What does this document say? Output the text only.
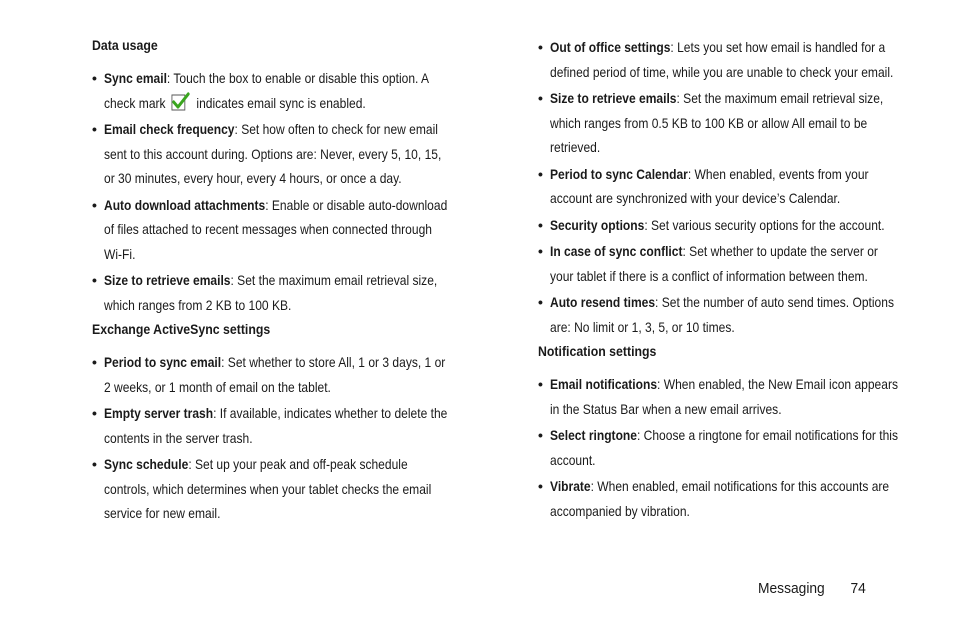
Data usage
• Sync email: Touch the box to enable or disable this option. A check mark indicates email sync is enabled.
• Email check frequency: Set how often to check for new email sent to this account during. Options are: Never, every 5, 10, 15, or 30 minutes, every hour, every 4 hours, or once a day.
• Auto download attachments: Enable or disable auto-download of files attached to recent messages when connected through Wi-Fi.
• Size to retrieve emails: Set the maximum email retrieval size, which ranges from 2 KB to 100 KB.
Exchange ActiveSync settings
• Period to sync email: Set whether to store All, 1 or 3 days, 1 or 2 weeks, or 1 month of email on the tablet.
• Empty server trash: If available, indicates whether to delete the contents in the server trash.
• Sync schedule: Set up your peak and off-peak schedule controls, which determines when your tablet checks the email service for new email.
• Out of office settings: Lets you set how email is handled for a defined period of time, while you are unable to check your email.
• Size to retrieve emails: Set the maximum email retrieval size, which ranges from 0.5 KB to 100 KB or allow All email to be retrieved.
• Period to sync Calendar: When enabled, events from your account are synchronized with your device’s Calendar.
• Security options: Set various security options for the account.
• In case of sync conflict: Set whether to update the server or your tablet if there is a conflict of information between them.
• Auto resend times: Set the number of auto send times. Options are: No limit or 1, 3, 5, or 10 times.
Notification settings
• Email notifications: When enabled, the New Email icon appears in the Status Bar when a new email arrives.
• Select ringtone: Choose a ringtone for email notifications for this account.
• Vibrate: When enabled, email notifications for this accounts are accompanied by vibration.
Messaging 74
